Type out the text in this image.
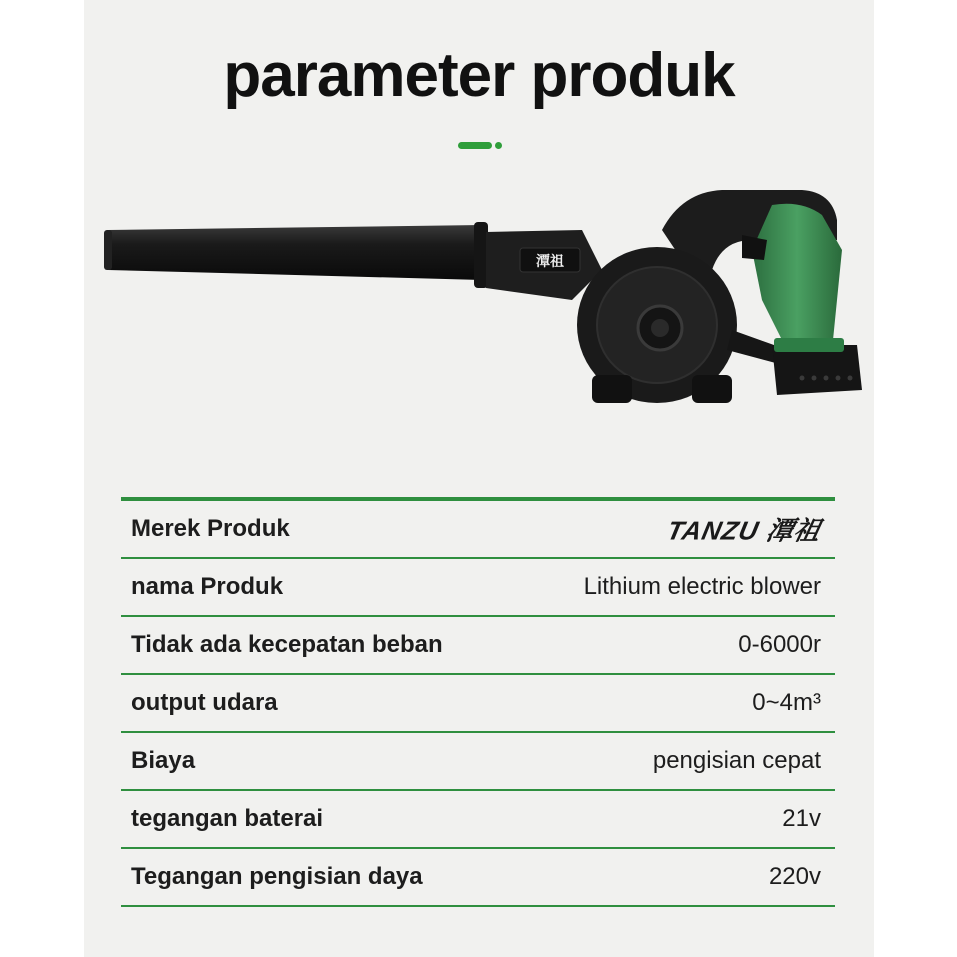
parameter produk
潭祖
Merek Produk	TANZU 潭祖
nama Produk	Lithium electric blower
Tidak ada kecepatan beban	0-6000r
output udara	0~4m³
Biaya	pengisian cepat
tegangan baterai	21v
Tegangan pengisian daya	220v
